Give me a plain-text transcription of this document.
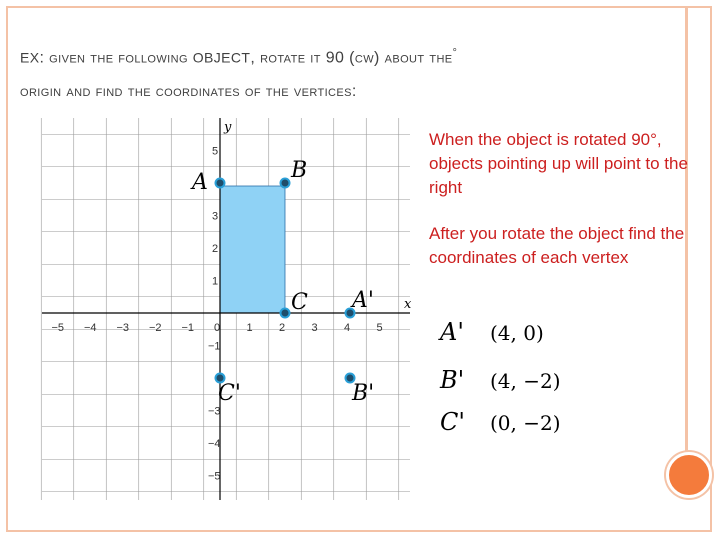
ex: given the following object, rotate it 90 (cw) about the°
origin and find the coordinates of the vertices:
−5 −4 −3 −2 −1 0 1 2 3 4 5
5
3
2
1
−1
−3
−4
−5
y
x
A	B
C A'
B'
C'
When the object is rotated 90°, objects pointing up will point to the right
After you rotate the object find the coordinates of each vertex
A' (4, 0)
B' (4, −2)
C' (0, −2)
